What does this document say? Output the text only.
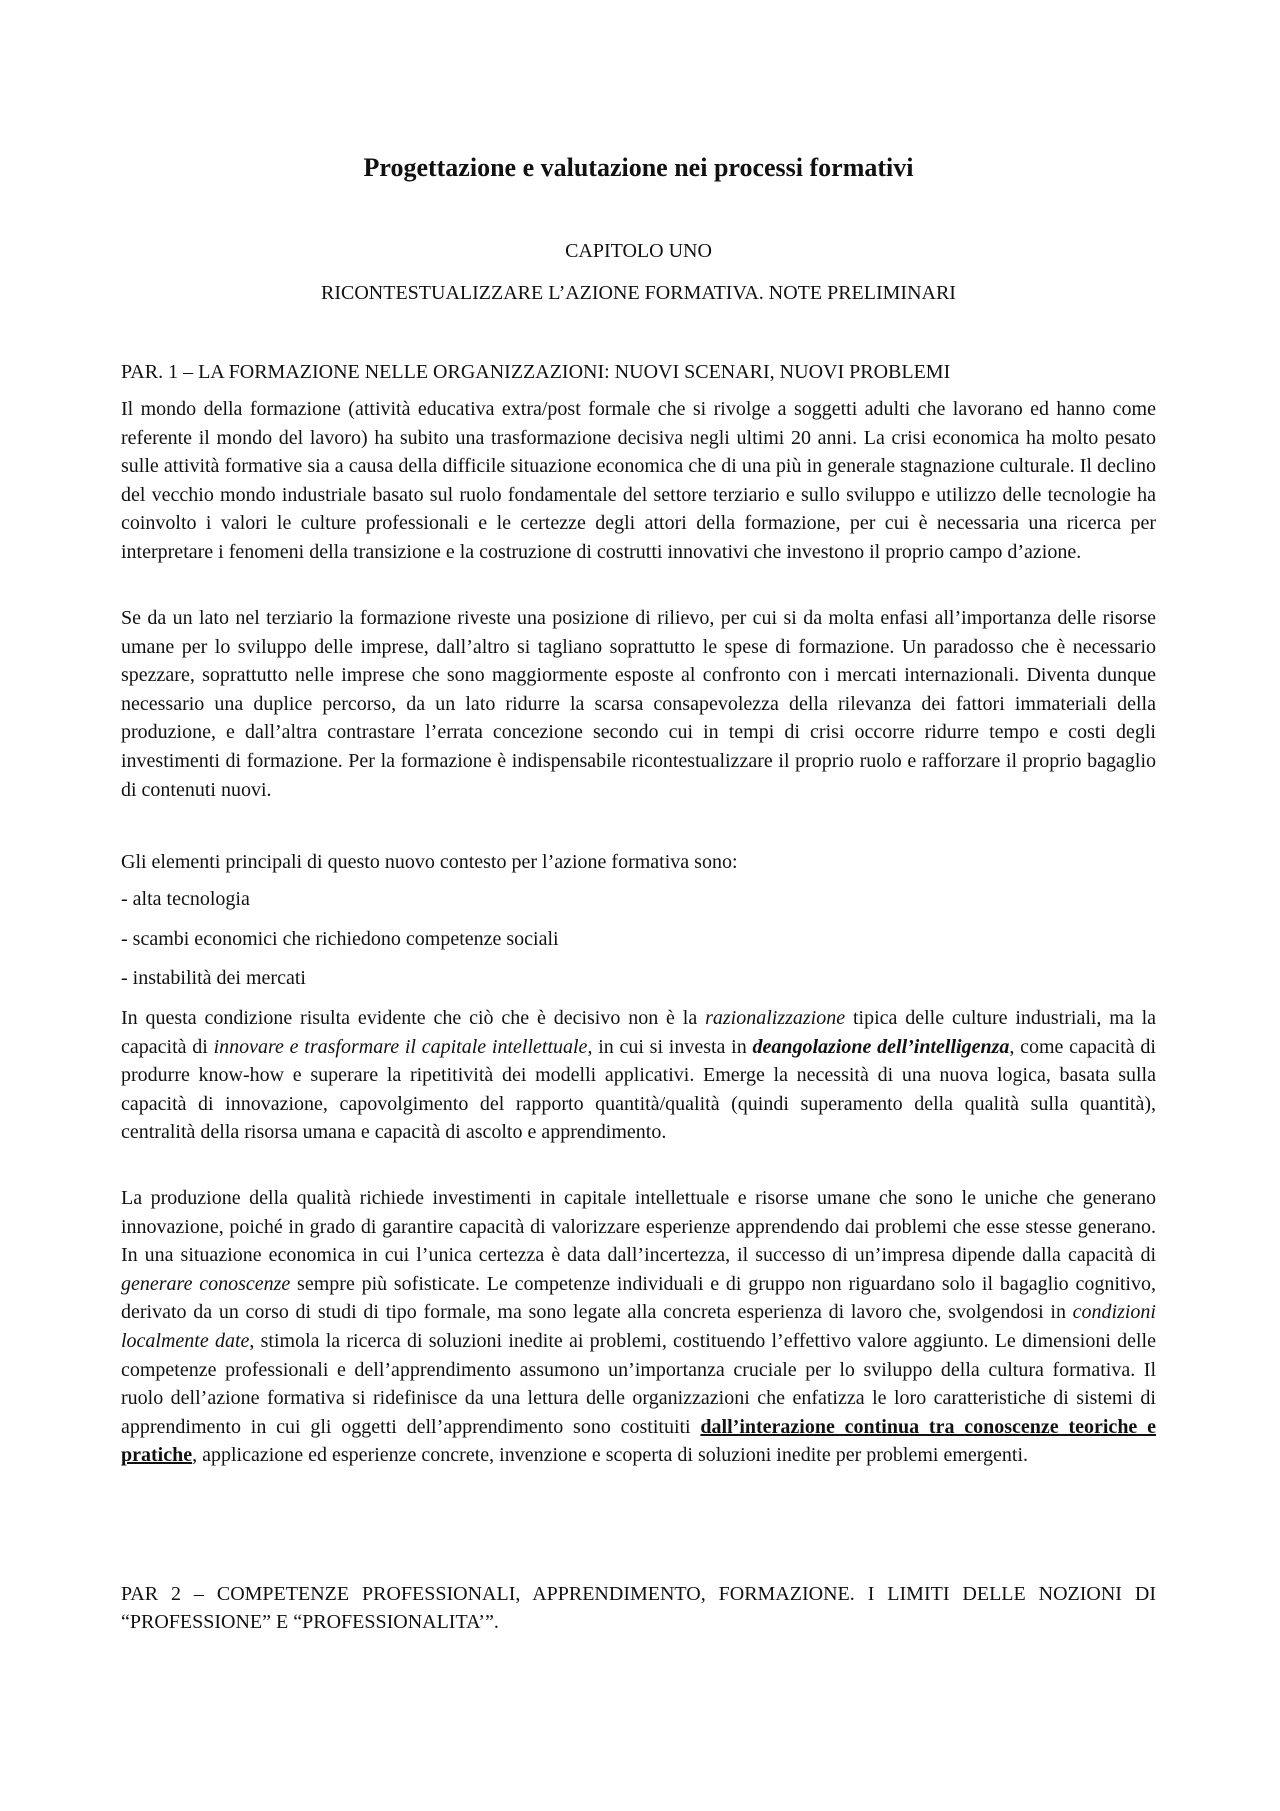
Progettazione e valutazione nei processi formativi

CAPITOLO UNO

RICONTESTUALIZZARE L’AZIONE FORMATIVA. NOTE PRELIMINARI

PAR. 1 – LA FORMAZIONE NELLE ORGANIZZAZIONI: NUOVI SCENARI, NUOVI PROBLEMI

Il mondo della formazione (attività educativa extra/post formale che si rivolge a soggetti adulti che lavorano ed hanno come referente il mondo del lavoro) ha subito una trasformazione decisiva negli ultimi 20 anni. La crisi economica ha molto pesato sulle attività formative sia a causa della difficile situazione economica che di una più in generale stagnazione culturale. Il declino del vecchio mondo industriale basato sul ruolo fondamentale del settore terziario e sullo sviluppo e utilizzo delle tecnologie ha coinvolto i valori le culture professionali e le certezze degli attori della formazione, per cui è necessaria una ricerca per interpretare i fenomeni della transizione e la costruzione di costrutti innovativi che investono il proprio campo d’azione.

Se da un lato nel terziario la formazione riveste una posizione di rilievo, per cui si da molta enfasi all’importanza delle risorse umane per lo sviluppo delle imprese, dall’altro si tagliano soprattutto le spese di formazione. Un paradosso che è necessario spezzare, soprattutto nelle imprese che sono maggiormente esposte al confronto con i mercati internazionali. Diventa dunque necessario una duplice percorso, da un lato ridurre la scarsa consapevolezza della rilevanza dei fattori immateriali della produzione, e dall’altra contrastare l’errata concezione secondo cui in tempi di crisi occorre ridurre tempo e costi degli investimenti di formazione. Per la formazione è indispensabile ricontestualizzare il proprio ruolo e rafforzare il proprio bagaglio di contenuti nuovi.

Gli elementi principali di questo nuovo contesto per l’azione formativa sono:

- alta tecnologia

- scambi economici che richiedono competenze sociali

- instabilità dei mercati

In questa condizione risulta evidente che ciò che è decisivo non è la razionalizzazione tipica delle culture industriali, ma la capacità di innovare e trasformare il capitale intellettuale, in cui si investa in deangolazione dell’intelligenza, come capacità di produrre know-how e superare la ripetitività dei modelli applicativi. Emerge la necessità di una nuova logica, basata sulla capacità di innovazione, capovolgimento del rapporto quantità/qualità (quindi superamento della qualità sulla quantità), centralità della risorsa umana e capacità di ascolto e apprendimento.

La produzione della qualità richiede investimenti in capitale intellettuale e risorse umane che sono le uniche che generano innovazione, poiché in grado di garantire capacità di valorizzare esperienze apprendendo dai problemi che esse stesse generano. In una situazione economica in cui l’unica certezza è data dall’incertezza, il successo di un’impresa dipende dalla capacità di generare conoscenze sempre più sofisticate. Le competenze individuali e di gruppo non riguardano solo il bagaglio cognitivo, derivato da un corso di studi di tipo formale, ma sono legate alla concreta esperienza di lavoro che, svolgendosi in condizioni localmente date, stimola la ricerca di soluzioni inedite ai problemi, costituendo l’effettivo valore aggiunto. Le dimensioni delle competenze professionali e dell’apprendimento assumono un’importanza cruciale per lo sviluppo della cultura formativa. Il ruolo dell’azione formativa si ridefinisce da una lettura delle organizzazioni che enfatizza le loro caratteristiche di sistemi di apprendimento in cui gli oggetti dell’apprendimento sono costituiti dall’interazione continua tra conoscenze teoriche e pratiche, applicazione ed esperienze concrete, invenzione e scoperta di soluzioni inedite per problemi emergenti.

PAR 2 – COMPETENZE PROFESSIONALI, APPRENDIMENTO, FORMAZIONE. I LIMITI DELLE NOZIONI DI “PROFESSIONE” E “PROFESSIONALITA’”.
